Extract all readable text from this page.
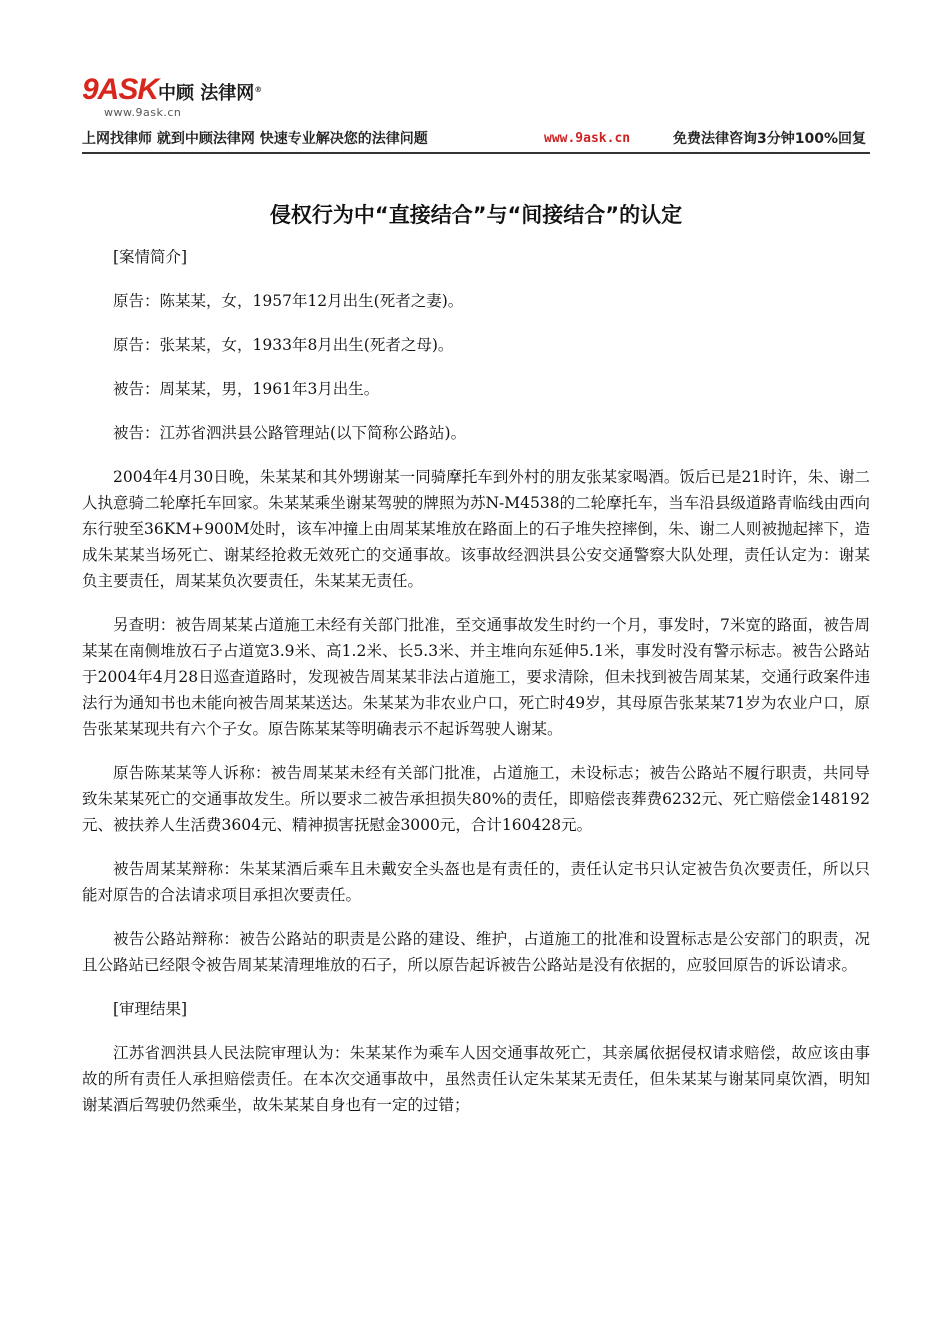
9ASK 中顾 法律网®
www.9ask.cn
上网找律师 就到中顾法律网 快速专业解决您的法律问题	www.9ask.cn	免费法律咨询3分钟100%回复
侵权行为中“直接结合”与“间接结合”的认定

[案情简介]

原告：陈某某，女，1957年12月出生(死者之妻)。

原告：张某某，女，1933年8月出生(死者之母)。

被告：周某某，男，1961年3月出生。

被告：江苏省泗洪县公路管理站(以下简称公路站)。

2004年4月30日晚，朱某某和其外甥谢某一同骑摩托车到外村的朋友张某家喝酒。饭后已是21时许，朱、谢二人执意骑二轮摩托车回家。朱某某乘坐谢某驾驶的牌照为苏N-M4538的二轮摩托车，当车沿县级道路青临线由西向东行驶至36KM+900M处时，该车冲撞上由周某某堆放在路面上的石子堆失控摔倒，朱、谢二人则被抛起摔下，造成朱某某当场死亡、谢某经抢救无效死亡的交通事故。该事故经泗洪县公安交通警察大队处理，责任认定为：谢某负主要责任，周某某负次要责任，朱某某无责任。

另查明：被告周某某占道施工未经有关部门批准，至交通事故发生时约一个月，事发时，7米宽的路面，被告周某某在南侧堆放石子占道宽3.9米、高1.2米、长5.3米、并主堆向东延伸5.1米，事发时没有警示标志。被告公路站于2004年4月28日巡查道路时，发现被告周某某非法占道施工，要求清除，但未找到被告周某某，交通行政案件违法行为通知书也未能向被告周某某送达。朱某某为非农业户口，死亡时49岁，其母原告张某某71岁为农业户口，原告张某某现共有六个子女。原告陈某某等明确表示不起诉驾驶人谢某。

原告陈某某等人诉称：被告周某某未经有关部门批准，占道施工，未设标志；被告公路站不履行职责，共同导致朱某某死亡的交通事故发生。所以要求二被告承担损失80%的责任，即赔偿丧葬费6232元、死亡赔偿金148192元、被扶养人生活费3604元、精神损害抚慰金3000元，合计160428元。

被告周某某辩称：朱某某酒后乘车且未戴安全头盔也是有责任的，责任认定书只认定被告负次要责任，所以只能对原告的合法请求项目承担次要责任。

被告公路站辩称：被告公路站的职责是公路的建设、维护，占道施工的批准和设置标志是公安部门的职责，况且公路站已经限令被告周某某清理堆放的石子，所以原告起诉被告公路站是没有依据的，应驳回原告的诉讼请求。

[审理结果]

江苏省泗洪县人民法院审理认为：朱某某作为乘车人因交通事故死亡，其亲属依据侵权请求赔偿，故应该由事故的所有责任人承担赔偿责任。在本次交通事故中，虽然责任认定朱某某无责任，但朱某某与谢某同桌饮酒，明知谢某酒后驾驶仍然乘坐，故朱某某自身也有一定的过错；
